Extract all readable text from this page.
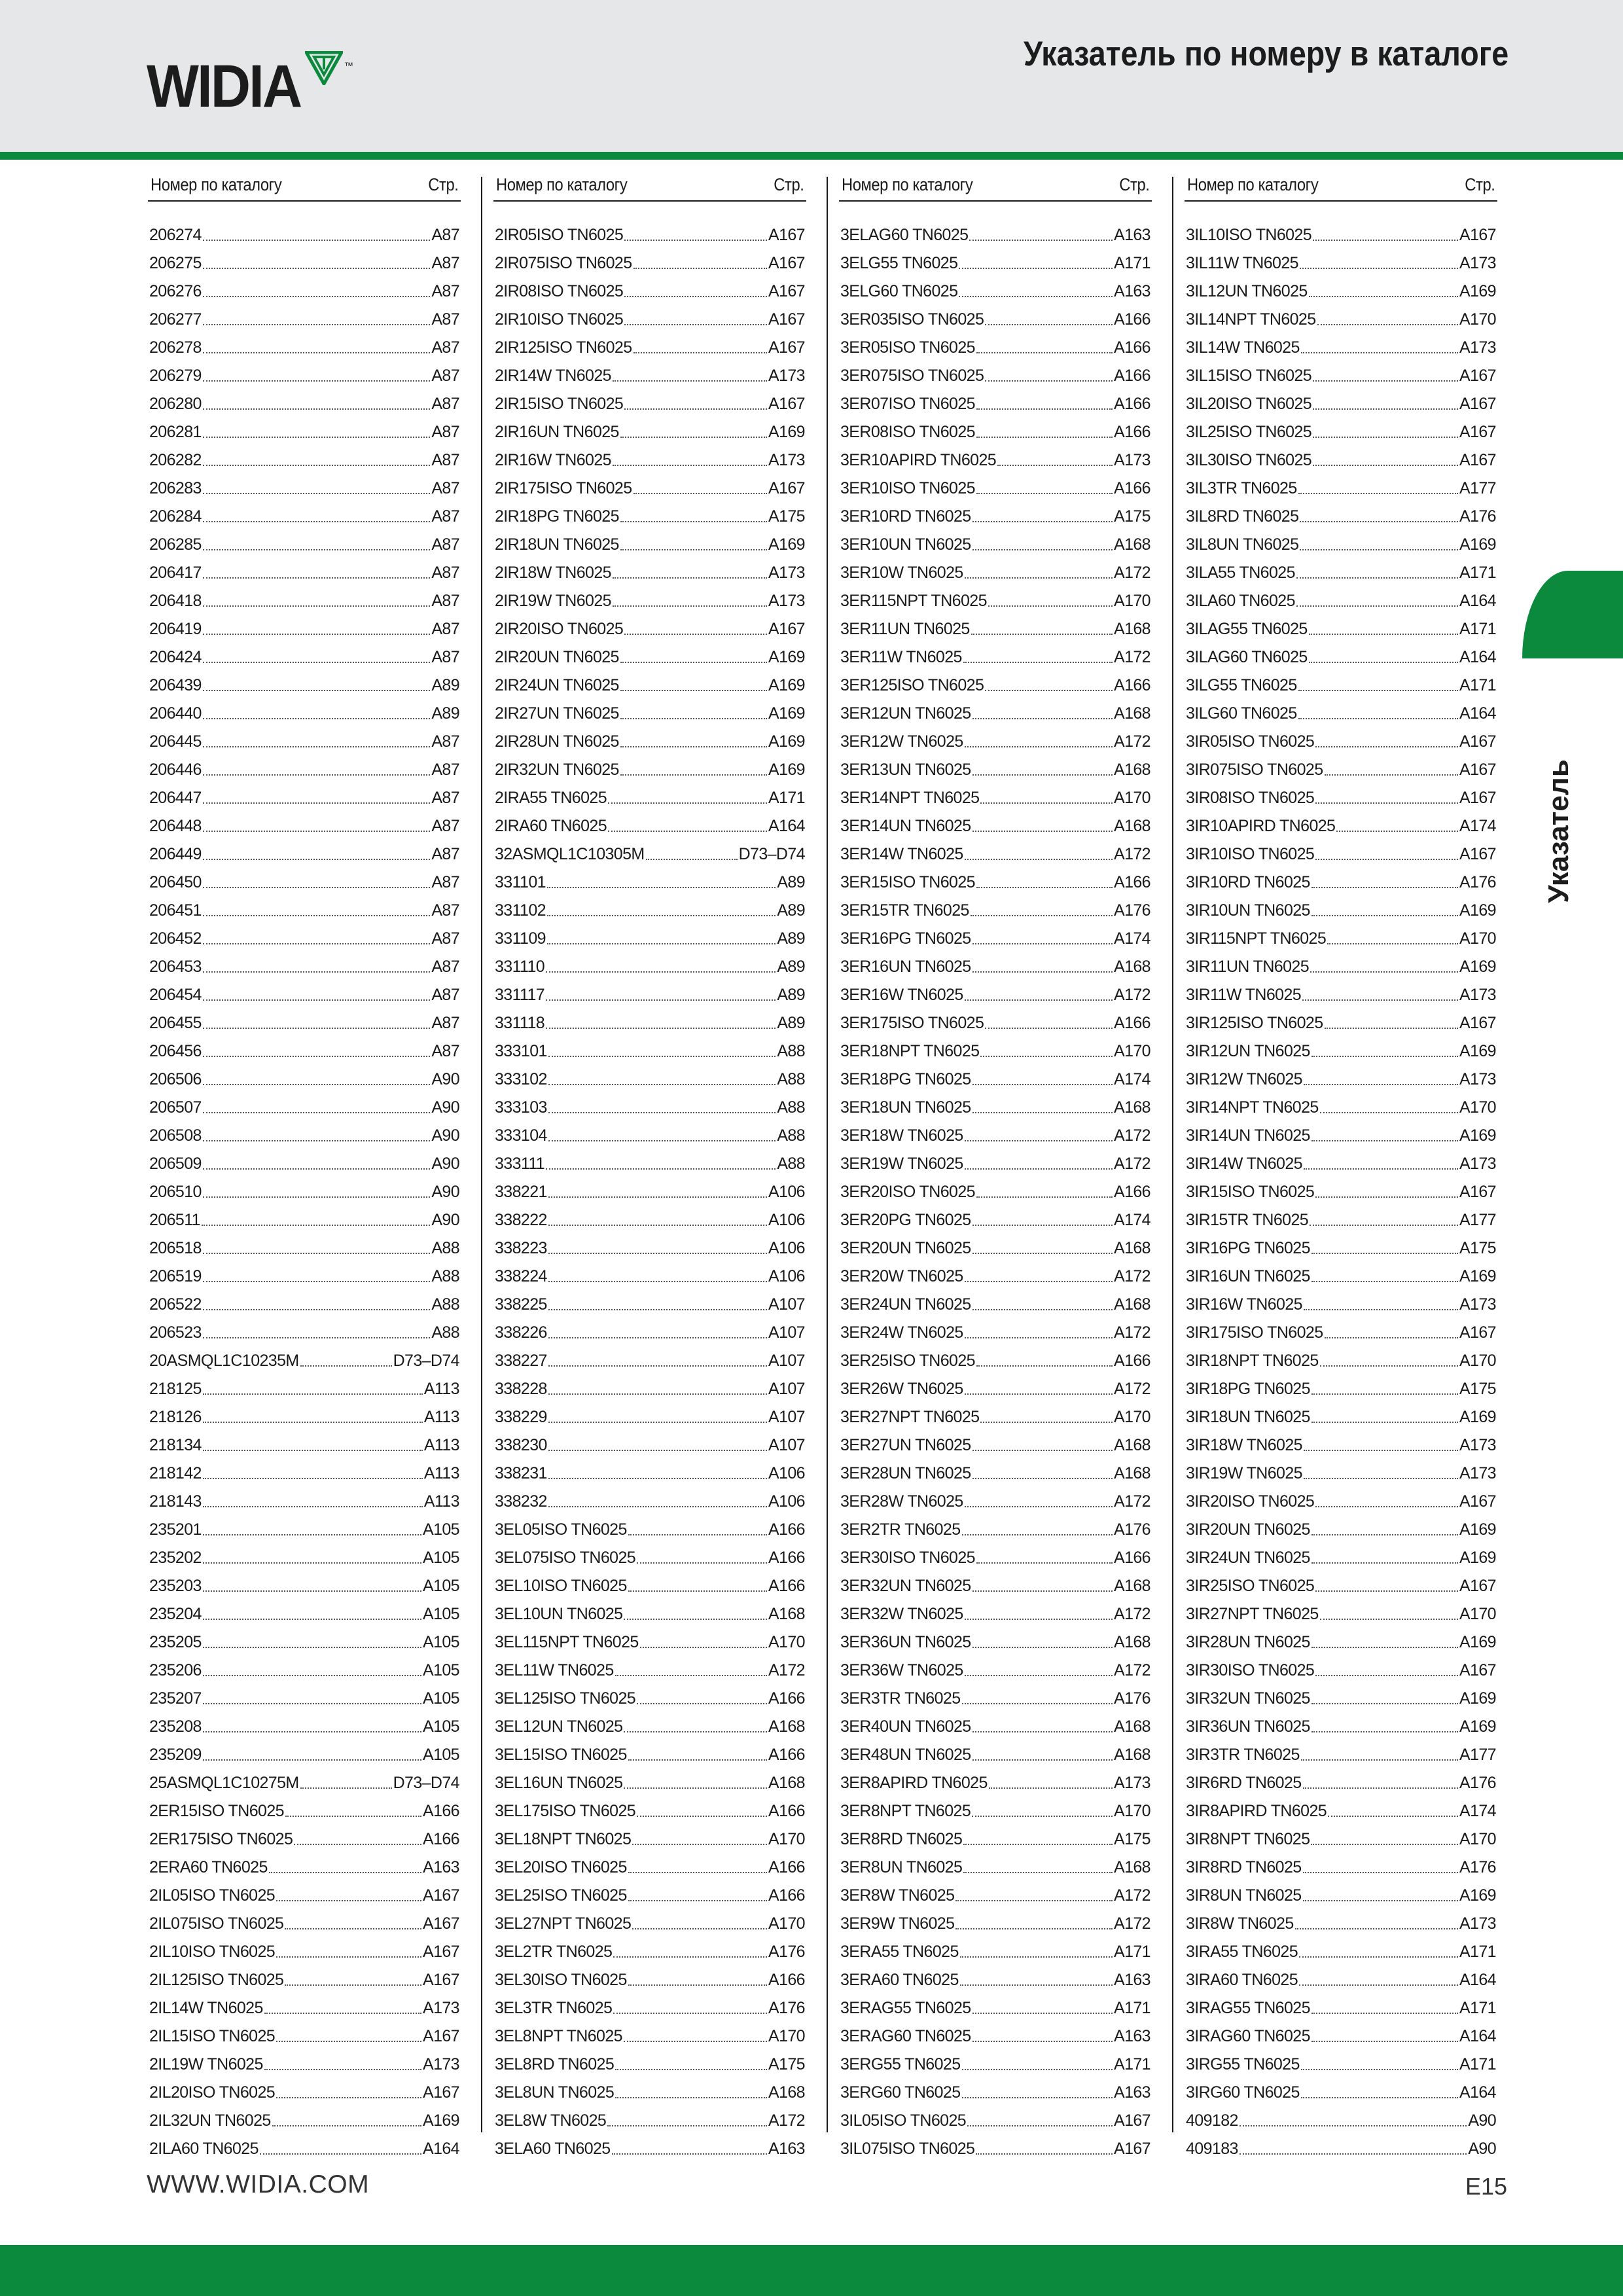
WIDIA	™	Указатель по номеру в каталоге
Номер по каталогу	Стр.
206274	A87
206275	A87
206276	A87
206277	A87
206278	A87
206279	A87
206280	A87
206281	A87
206282	A87
206283	A87
206284	A87
206285	A87
206417	A87
206418	A87
206419	A87
206424	A87
206439	A89
206440	A89
206445	A87
206446	A87
206447	A87
206448	A87
206449	A87
206450	A87
206451	A87
206452	A87
206453	A87
206454	A87
206455	A87
206456	A87
206506	A90
206507	A90
206508	A90
206509	A90
206510	A90
206511	A90
206518	A88
206519	A88
206522	A88
206523	A88
20ASMQL1C10235M	D73–D74
218125	A113
218126	A113
218134	A113
218142	A113
218143	A113
235201	A105
235202	A105
235203	A105
235204	A105
235205	A105
235206	A105
235207	A105
235208	A105
235209	A105
25ASMQL1C10275M	D73–D74
2ER15ISO TN6025	A166
2ER175ISO TN6025	A166
2ERA60 TN6025	A163
2IL05ISO TN6025	A167
2IL075ISO TN6025	A167
2IL10ISO TN6025	A167
2IL125ISO TN6025	A167
2IL14W TN6025	A173
2IL15ISO TN6025	A167
2IL19W TN6025	A173
2IL20ISO TN6025	A167
2IL32UN TN6025	A169
2ILA60 TN6025	A164
Номер по каталогу	Стр.
2IR05ISO TN6025	A167
2IR075ISO TN6025	A167
2IR08ISO TN6025	A167
2IR10ISO TN6025	A167
2IR125ISO TN6025	A167
2IR14W TN6025	A173
2IR15ISO TN6025	A167
2IR16UN TN6025	A169
2IR16W TN6025	A173
2IR175ISO TN6025	A167
2IR18PG TN6025	A175
2IR18UN TN6025	A169
2IR18W TN6025	A173
2IR19W TN6025	A173
2IR20ISO TN6025	A167
2IR20UN TN6025	A169
2IR24UN TN6025	A169
2IR27UN TN6025	A169
2IR28UN TN6025	A169
2IR32UN TN6025	A169
2IRA55 TN6025	A171
2IRA60 TN6025	A164
32ASMQL1C10305M	D73–D74
331101	A89
331102	A89
331109	A89
331110	A89
331117	A89
331118	A89
333101	A88
333102	A88
333103	A88
333104	A88
333111	A88
338221	A106
338222	A106
338223	A106
338224	A106
338225	A107
338226	A107
338227	A107
338228	A107
338229	A107
338230	A107
338231	A106
338232	A106
3EL05ISO TN6025	A166
3EL075ISO TN6025	A166
3EL10ISO TN6025	A166
3EL10UN TN6025	A168
3EL115NPT TN6025	A170
3EL11W TN6025	A172
3EL125ISO TN6025	A166
3EL12UN TN6025	A168
3EL15ISO TN6025	A166
3EL16UN TN6025	A168
3EL175ISO TN6025	A166
3EL18NPT TN6025	A170
3EL20ISO TN6025	A166
3EL25ISO TN6025	A166
3EL27NPT TN6025	A170
3EL2TR TN6025	A176
3EL30ISO TN6025	A166
3EL3TR TN6025	A176
3EL8NPT TN6025	A170
3EL8RD TN6025	A175
3EL8UN TN6025	A168
3EL8W TN6025	A172
3ELA60 TN6025	A163
Номер по каталогу	Стр.
3ELAG60 TN6025	A163
3ELG55 TN6025	A171
3ELG60 TN6025	A163
3ER035ISO TN6025	A166
3ER05ISO TN6025	A166
3ER075ISO TN6025	A166
3ER07ISO TN6025	A166
3ER08ISO TN6025	A166
3ER10APIRD TN6025	A173
3ER10ISO TN6025	A166
3ER10RD TN6025	A175
3ER10UN TN6025	A168
3ER10W TN6025	A172
3ER115NPT TN6025	A170
3ER11UN TN6025	A168
3ER11W TN6025	A172
3ER125ISO TN6025	A166
3ER12UN TN6025	A168
3ER12W TN6025	A172
3ER13UN TN6025	A168
3ER14NPT TN6025	A170
3ER14UN TN6025	A168
3ER14W TN6025	A172
3ER15ISO TN6025	A166
3ER15TR TN6025	A176
3ER16PG TN6025	A174
3ER16UN TN6025	A168
3ER16W TN6025	A172
3ER175ISO TN6025	A166
3ER18NPT TN6025	A170
3ER18PG TN6025	A174
3ER18UN TN6025	A168
3ER18W TN6025	A172
3ER19W TN6025	A172
3ER20ISO TN6025	A166
3ER20PG TN6025	A174
3ER20UN TN6025	A168
3ER20W TN6025	A172
3ER24UN TN6025	A168
3ER24W TN6025	A172
3ER25ISO TN6025	A166
3ER26W TN6025	A172
3ER27NPT TN6025	A170
3ER27UN TN6025	A168
3ER28UN TN6025	A168
3ER28W TN6025	A172
3ER2TR TN6025	A176
3ER30ISO TN6025	A166
3ER32UN TN6025	A168
3ER32W TN6025	A172
3ER36UN TN6025	A168
3ER36W TN6025	A172
3ER3TR TN6025	A176
3ER40UN TN6025	A168
3ER48UN TN6025	A168
3ER8APIRD TN6025	A173
3ER8NPT TN6025	A170
3ER8RD TN6025	A175
3ER8UN TN6025	A168
3ER8W TN6025	A172
3ER9W TN6025	A172
3ERA55 TN6025	A171
3ERA60 TN6025	A163
3ERAG55 TN6025	A171
3ERAG60 TN6025	A163
3ERG55 TN6025	A171
3ERG60 TN6025	A163
3IL05ISO TN6025	A167
3IL075ISO TN6025	A167
Номер по каталогу	Стр.
3IL10ISO TN6025	A167
3IL11W TN6025	A173
3IL12UN TN6025	A169
3IL14NPT TN6025	A170
3IL14W TN6025	A173
3IL15ISO TN6025	A167
3IL20ISO TN6025	A167
3IL25ISO TN6025	A167
3IL30ISO TN6025	A167
3IL3TR TN6025	A177
3IL8RD TN6025	A176
3IL8UN TN6025	A169
3ILA55 TN6025	A171
3ILA60 TN6025	A164
3ILAG55 TN6025	A171
3ILAG60 TN6025	A164
3ILG55 TN6025	A171
3ILG60 TN6025	A164
3IR05ISO TN6025	A167
3IR075ISO TN6025	A167
3IR08ISO TN6025	A167
3IR10APIRD TN6025	A174
3IR10ISO TN6025	A167
3IR10RD TN6025	A176
3IR10UN TN6025	A169
3IR115NPT TN6025	A170
3IR11UN TN6025	A169
3IR11W TN6025	A173
3IR125ISO TN6025	A167
3IR12UN TN6025	A169
3IR12W TN6025	A173
3IR14NPT TN6025	A170
3IR14UN TN6025	A169
3IR14W TN6025	A173
3IR15ISO TN6025	A167
3IR15TR TN6025	A177
3IR16PG TN6025	A175
3IR16UN TN6025	A169
3IR16W TN6025	A173
3IR175ISO TN6025	A167
3IR18NPT TN6025	A170
3IR18PG TN6025	A175
3IR18UN TN6025	A169
3IR18W TN6025	A173
3IR19W TN6025	A173
3IR20ISO TN6025	A167
3IR20UN TN6025	A169
3IR24UN TN6025	A169
3IR25ISO TN6025	A167
3IR27NPT TN6025	A170
3IR28UN TN6025	A169
3IR30ISO TN6025	A167
3IR32UN TN6025	A169
3IR36UN TN6025	A169
3IR3TR TN6025	A177
3IR6RD TN6025	A176
3IR8APIRD TN6025	A174
3IR8NPT TN6025	A170
3IR8RD TN6025	A176
3IR8UN TN6025	A169
3IR8W TN6025	A173
3IRA55 TN6025	A171
3IRA60 TN6025	A164
3IRAG55 TN6025	A171
3IRAG60 TN6025	A164
3IRG55 TN6025	A171
3IRG60 TN6025	A164
409182	A90
409183	A90
Указатель
WWW.WIDIA.COM	E15
